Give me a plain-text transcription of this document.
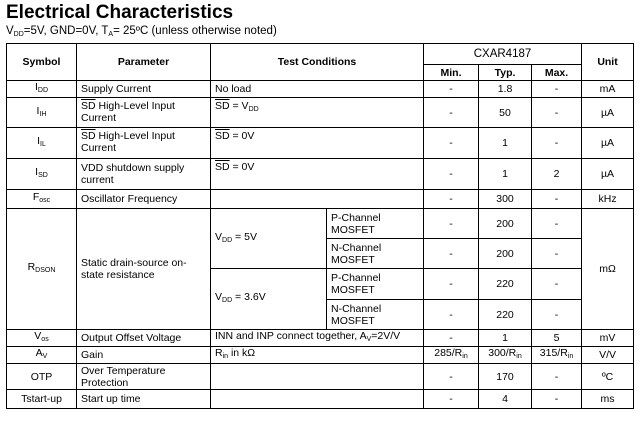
Electrical Characteristics
$V_{DD}=5V$, GND=0V, $T_A=$ 25ºC (unless otherwise noted)
Symbol	Parameter	Test Conditions		CXAR4187			Unit
				Min.	Typ.	Max.	
$I_{DD}$	Supply Current	No load		-	1.8	-	mA
$I_{IH}$	$\overline{SD}$ High-Level Input Current	$\overline{SD} = V_{DD}$		-	50	-	µA
$I_{IL}$	$\overline{SD}$ High-Level Input Current	$\overline{SD} = 0V$		-	1	-	µA
$I_{SD}$	VDD shutdown supply current	$\overline{SD} = 0V$		-	1	2	µA
$F_{osc}$	Oscillator Frequency			-	300	-	kHz
$R_{DSON}$	Static drain-source on-state resistance	$V_{DD} = 5V$	P-Channel MOSFET	-	200	-	mΩ
			N-Channel MOSFET	-	200	-	
		$V_{DD} = 3.6V$	P-Channel MOSFET	-	220	-	
			N-Channel MOSFET	-	220	-	
$V_{os}$	Output Offset Voltage	INN and INP connect together, $A_V=2V/V$		-	1	5	mV
$A_V$	Gain	$R_{in}$ in kΩ		$285/R_{in}$	$300/R_{in}$	$315/R_{in}$	V/V
OTP	Over Temperature Protection			-	170	-	ºC
Tstart-up	Start up time			-	4	-	ms
